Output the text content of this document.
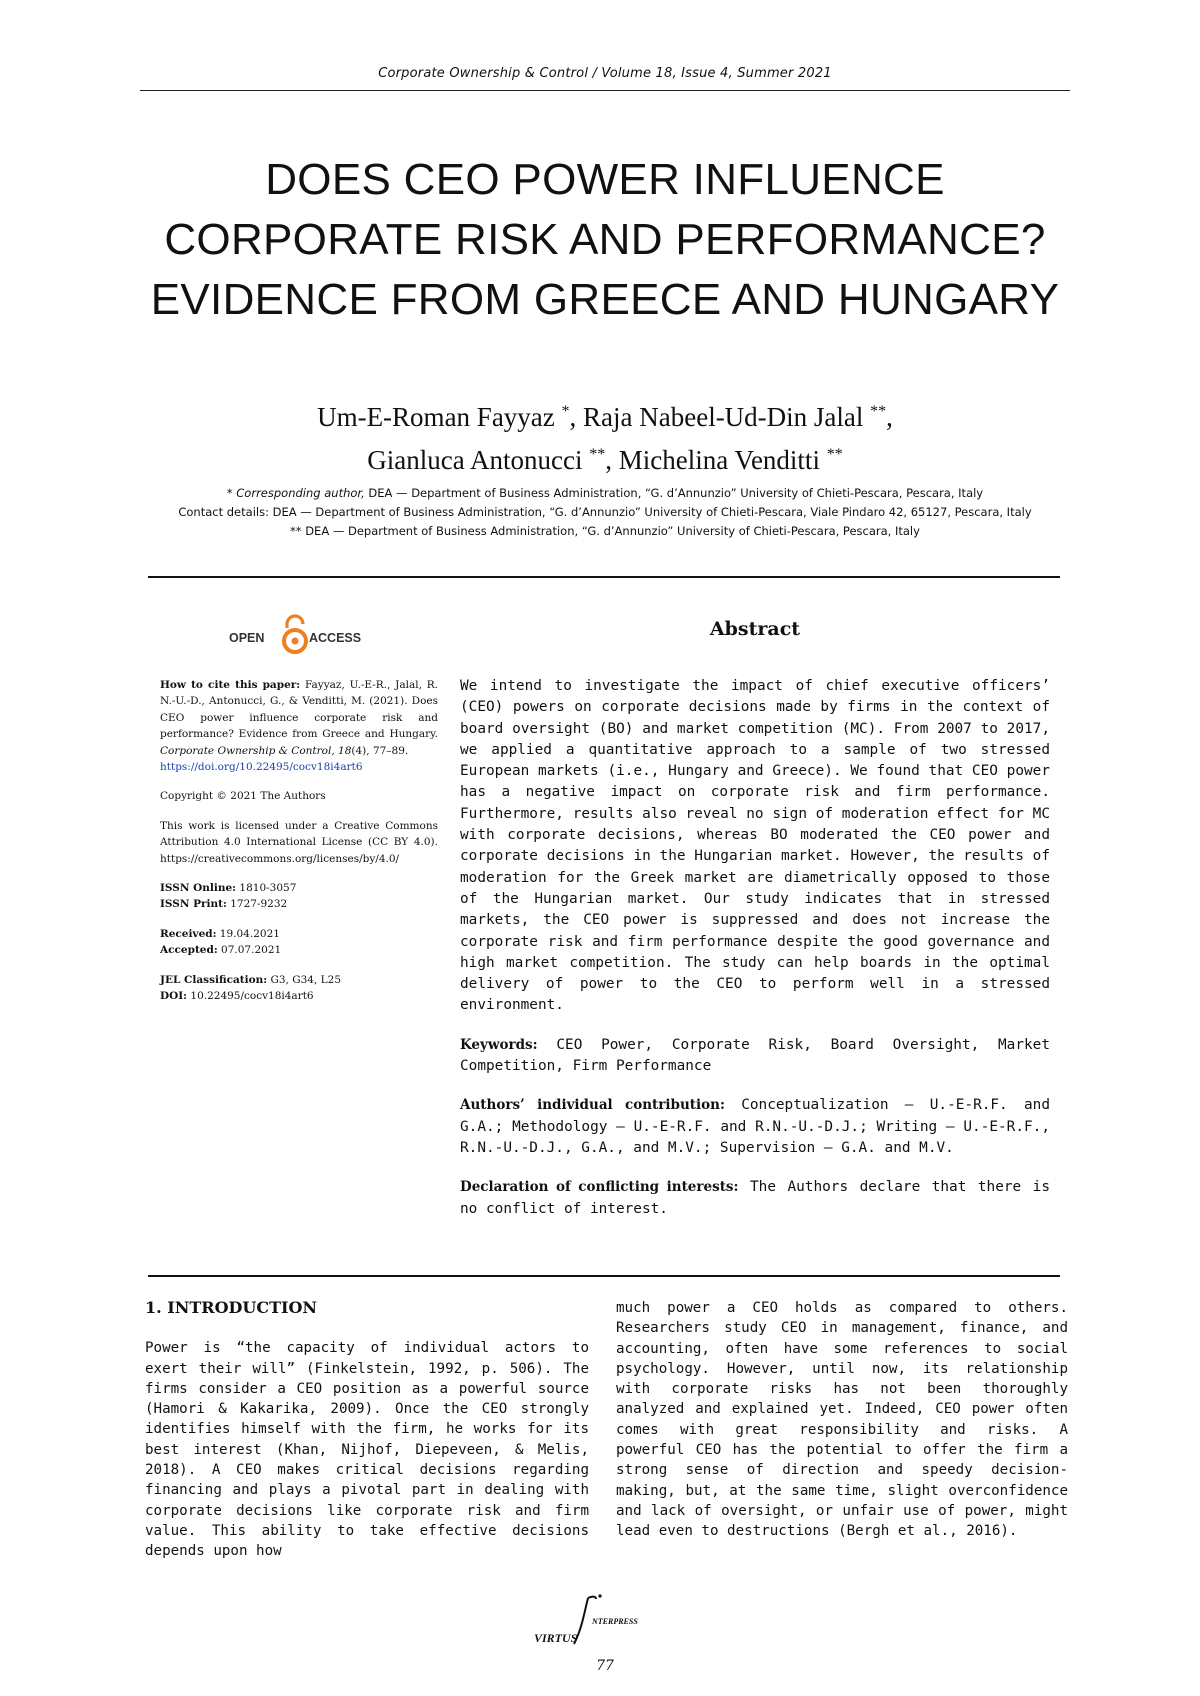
Corporate Ownership & Control / Volume 18, Issue 4, Summer 2021
DOES CEO POWER INFLUENCE CORPORATE RISK AND PERFORMANCE? EVIDENCE FROM GREECE AND HUNGARY
Um-E-Roman Fayyaz *, Raja Nabeel-Ud-Din Jalal **,
Gianluca Antonucci **, Michelina Venditti **
* Corresponding author, DEA — Department of Business Administration, “G. d’Annunzio” University of Chieti-Pescara, Pescara, Italy
Contact details: DEA — Department of Business Administration, “G. d’Annunzio” University of Chieti-Pescara, Viale Pindaro 42, 65127, Pescara, Italy
** DEA — Department of Business Administration, “G. d’Annunzio” University of Chieti-Pescara, Pescara, Italy
OPEN	ACCESS

How to cite this paper: Fayyaz, U.-E-R., Jalal, R. N.-U.-D., Antonucci, G., & Venditti, M. (2021). Does CEO power influence corporate risk and performance? Evidence from Greece and Hungary. Corporate Ownership & Control, 18(4), 77–89.
https://doi.org/10.22495/cocv18i4art6

Copyright © 2021 The Authors

This work is licensed under a Creative Commons Attribution 4.0 International License (CC BY 4.0). https://creativecommons.org/licenses/by/4.0/

ISSN Online: 1810-3057

ISSN Print: 1727-9232

Received: 19.04.2021

Accepted: 07.07.2021

JEL Classification: G3, G34, L25

DOI: 10.22495/cocv18i4art6

Abstract

We intend to investigate the impact of chief executive officers’ (CEO) powers on corporate decisions made by firms in the context of board oversight (BO) and market competition (MC). From 2007 to 2017, we applied a quantitative approach to a sample of two stressed European markets (i.e., Hungary and Greece). We found that CEO power has a negative impact on corporate risk and firm performance. Furthermore, results also reveal no sign of moderation effect for MC with corporate decisions, whereas BO moderated the CEO power and corporate decisions in the Hungarian market. However, the results of moderation for the Greek market are diametrically opposed to those of the Hungarian market. Our study indicates that in stressed markets, the CEO power is suppressed and does not increase the corporate risk and firm performance despite the good governance and high market competition. The study can help boards in the optimal delivery of power to the CEO to perform well in a stressed environment.

Keywords: CEO Power, Corporate Risk, Board Oversight, Market Competition, Firm Performance

Authors’ individual contribution: Conceptualization — U.-E-R.F. and G.A.; Methodology — U.-E-R.F. and R.N.-U.-D.J.; Writing — U.-E-R.F., R.N.-U.-D.J., G.A., and M.V.; Supervision — G.A. and M.V.

Declaration of conflicting interests: The Authors declare that there is no conflict of interest.

1. INTRODUCTION

Power is “the capacity of individual actors to exert their will” (Finkelstein, 1992, p. 506). The firms consider a CEO position as a powerful source (Hamori & Kakarika, 2009). Once the CEO strongly identifies himself with the firm, he works for its best interest (Khan, Nijhof, Diepeveen, & Melis, 2018). A CEO makes critical decisions regarding financing and plays a pivotal part in dealing with corporate decisions like corporate risk and firm value. This ability to take effective decisions depends upon how

much power a CEO holds as compared to others. Researchers study CEO in management, finance, and accounting, often have some references to social psychology. However, until now, its relationship with corporate risks has not been thoroughly analyzed and explained yet. Indeed, CEO power often comes with great responsibility and risks. A powerful CEO has the potential to offer the firm a strong sense of direction and speedy decision-making, but, at the same time, slight overconfidence and lack of oversight, or unfair use of power, might lead even to destructions (Bergh et al., 2016).

VIRTUS
NTERPRESS
77
